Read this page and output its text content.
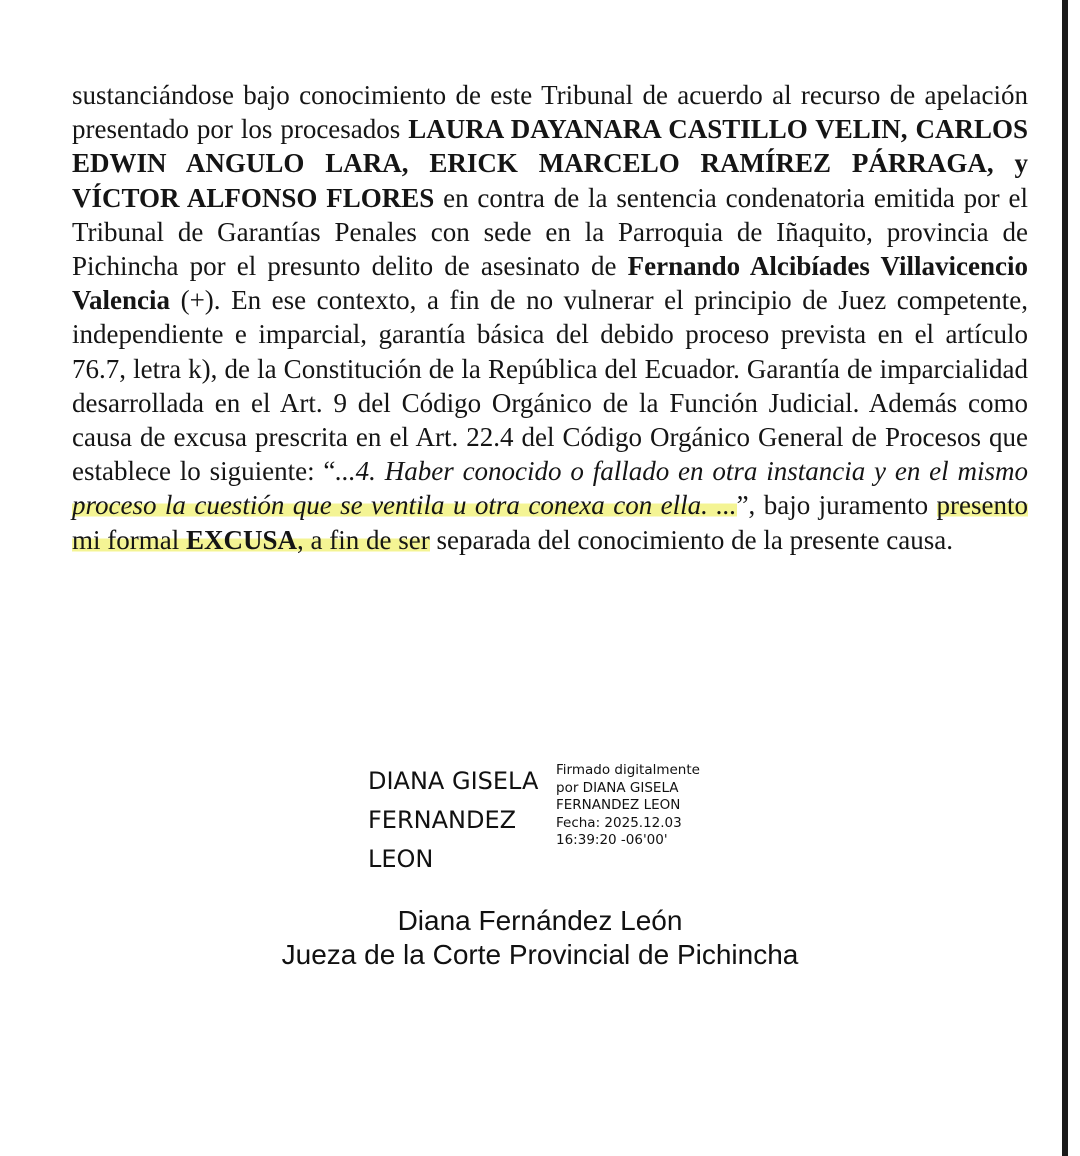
sustanciándose bajo conocimiento de este Tribunal de acuerdo al recurso de apelación presentado por los procesados LAURA DAYANARA CASTILLO VELIN, CARLOS EDWIN ANGULO LARA, ERICK MARCELO RAMÍREZ PÁRRAGA, y VÍCTOR ALFONSO FLORES en contra de la sentencia condenatoria emitida por el Tribunal de Garantías Penales con sede en la Parroquia de Iñaquito, provincia de Pichincha por el presunto delito de asesinato de Fernando Alcibíades Villavicencio Valencia (+). En ese contexto, a fin de no vulnerar el principio de Juez competente, independiente e imparcial, garantía básica del debido proceso prevista en el artículo 76.7, letra k), de la Constitución de la República del Ecuador. Garantía de imparcialidad desarrollada en el Art. 9 del Código Orgánico de la Función Judicial. Además como causa de excusa prescrita en el Art. 22.4 del Código Orgánico General de Procesos que establece lo siguiente: “...4. Haber conocido o fallado en otra instancia y en el mismo proceso la cuestión que se ventila u otra conexa con ella. ...”, bajo juramento presento mi formal EXCUSA, a fin de ser separada del conocimiento de la presente causa.

DIANA GISELA
FERNANDEZ
LEON
Firmado digitalmente
por DIANA GISELA
FERNANDEZ LEON
Fecha: 2025.12.03
16:39:20 -06'00'
Diana Fernández León
Jueza de la Corte Provincial de Pichincha
